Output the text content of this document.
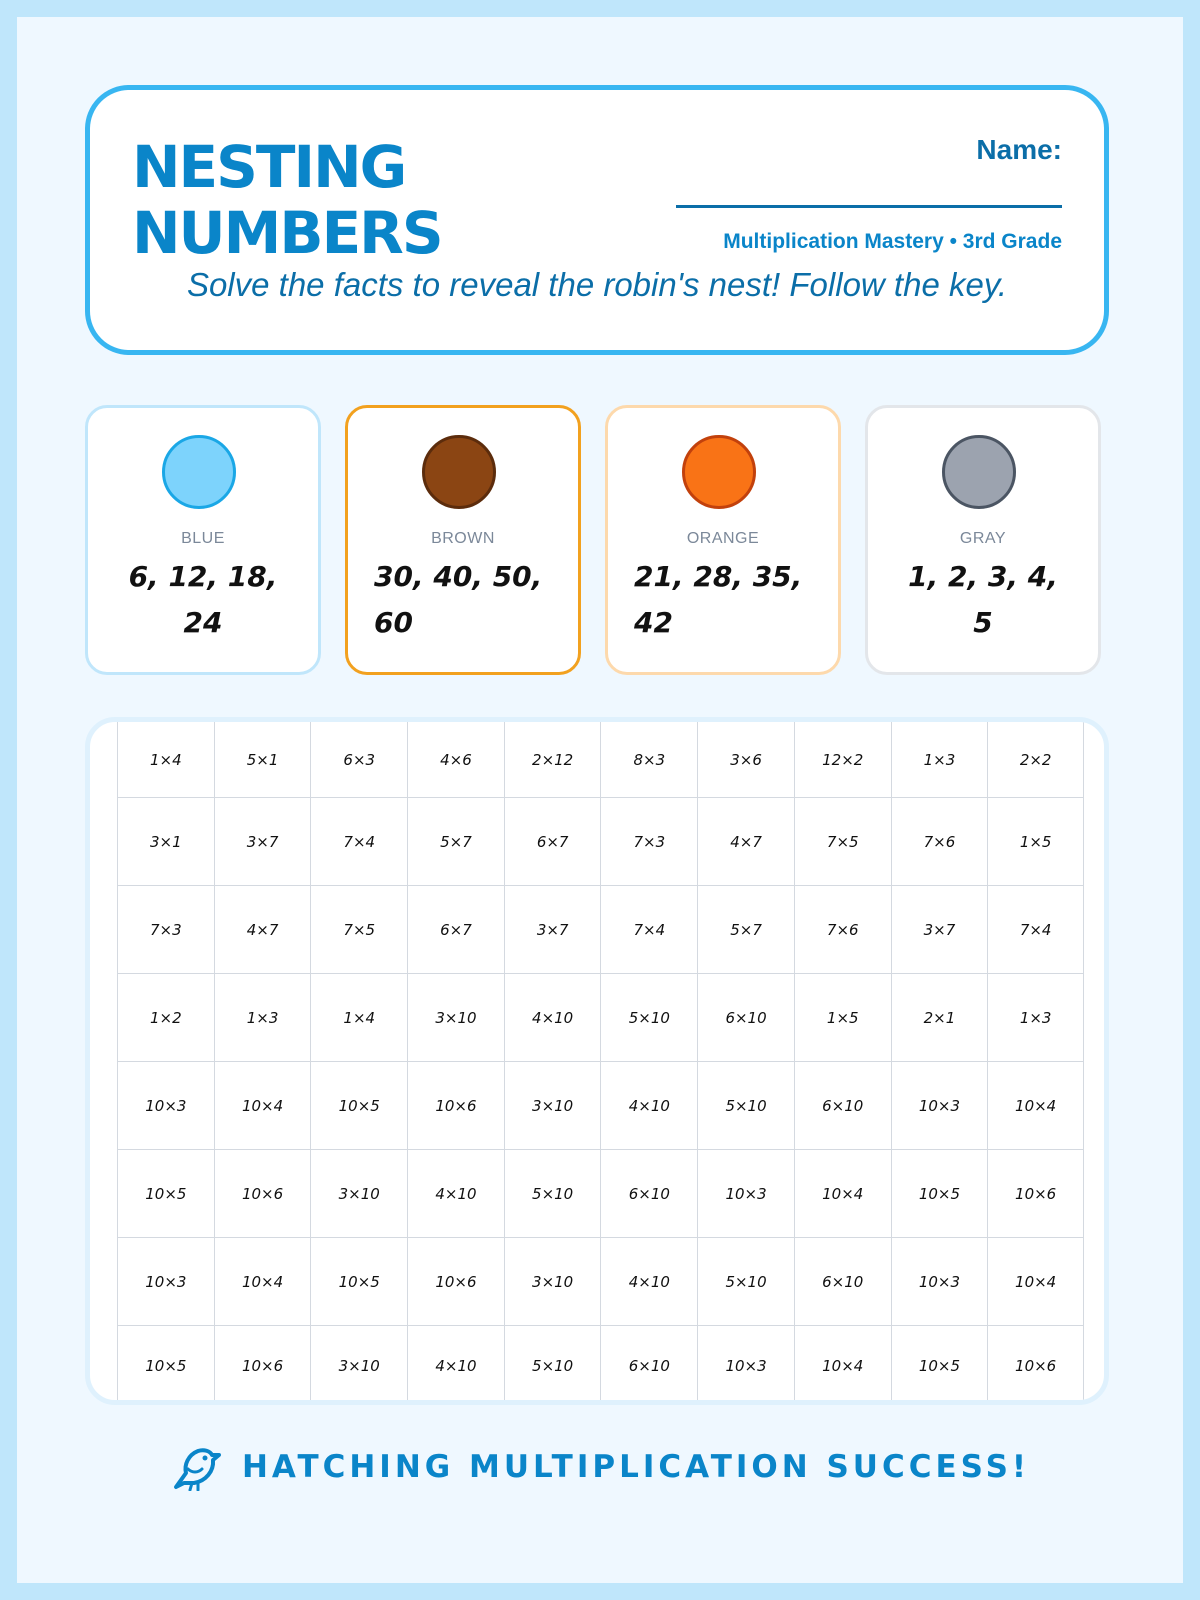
NESTING
NUMBERS
Name:
Multiplication Mastery • 3rd Grade
Solve the facts to reveal the robin's nest! Follow the key.
BLUE
6, 12, 18, 24
BROWN
30, 40, 50, 60
ORANGE
21, 28, 35, 42
GRAY
1, 2, 3, 4, 5
1×4	5×1	6×3	4×6	2×12	8×3	3×6	12×2	1×3	2×2
3×1	3×7	7×4	5×7	6×7	7×3	4×7	7×5	7×6	1×5
7×3	4×7	7×5	6×7	3×7	7×4	5×7	7×6	3×7	7×4
1×2	1×3	1×4	3×10	4×10	5×10	6×10	1×5	2×1	1×3
10×3	10×4	10×5	10×6	3×10	4×10	5×10	6×10	10×3	10×4
10×5	10×6	3×10	4×10	5×10	6×10	10×3	10×4	10×5	10×6
10×3	10×4	10×5	10×6	3×10	4×10	5×10	6×10	10×3	10×4
10×5	10×6	3×10	4×10	5×10	6×10	10×3	10×4	10×5	10×6
HATCHING MULTIPLICATION SUCCESS!
